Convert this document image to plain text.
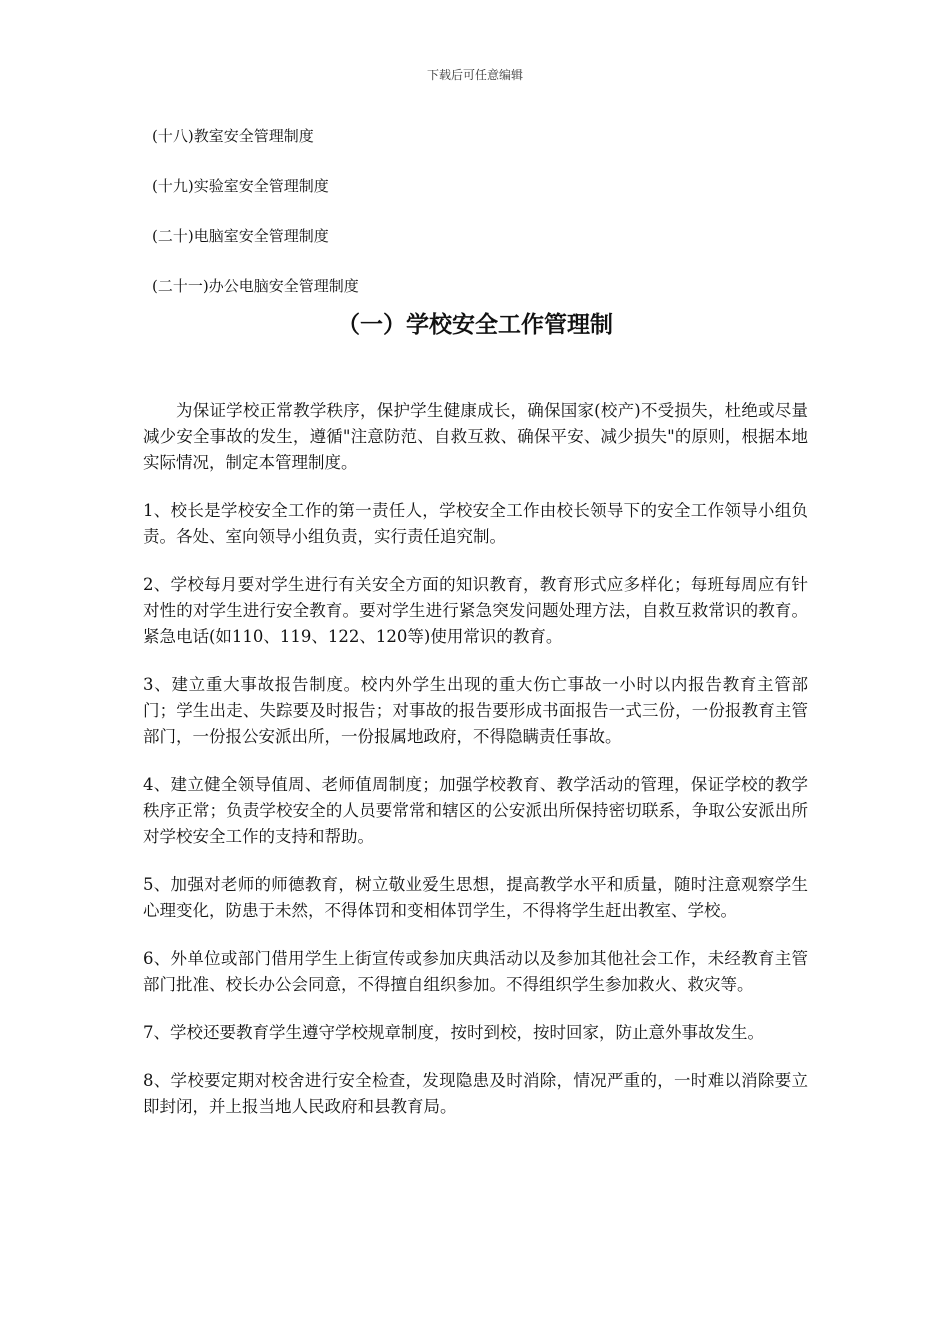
下载后可任意编辑
(十八)教室安全管理制度
(十九)实验室安全管理制度
(二十)电脑室安全管理制度
(二十一)办公电脑安全管理制度
（一）学校安全工作管理制

为保证学校正常教学秩序，保护学生健康成长，确保国家(校产)不受损失，杜绝或尽量减少安全事故的发生，遵循"注意防范、自救互救、确保平安、减少损失"的原则，根据本地实际情况，制定本管理制度。

1、校长是学校安全工作的第一责任人，学校安全工作由校长领导下的安全工作领导小组负责。各处、室向领导小组负责，实行责任追究制。

2、学校每月要对学生进行有关安全方面的知识教育，教育形式应多样化；每班每周应有针对性的对学生进行安全教育。要对学生进行紧急突发问题处理方法，自救互救常识的教育。紧急电话(如110、119、122、120等)使用常识的教育。

3、建立重大事故报告制度。校内外学生出现的重大伤亡事故一小时以内报告教育主管部门；学生出走、失踪要及时报告；对事故的报告要形成书面报告一式三份，一份报教育主管部门，一份报公安派出所，一份报属地政府，不得隐瞒责任事故。

4、建立健全领导值周、老师值周制度；加强学校教育、教学活动的管理，保证学校的教学秩序正常；负责学校安全的人员要常常和辖区的公安派出所保持密切联系，争取公安派出所对学校安全工作的支持和帮助。

5、加强对老师的师德教育，树立敬业爱生思想，提高教学水平和质量，随时注意观察学生心理变化，防患于未然，不得体罚和变相体罚学生，不得将学生赶出教室、学校。

6、外单位或部门借用学生上街宣传或参加庆典活动以及参加其他社会工作，未经教育主管部门批准、校长办公会同意，不得擅自组织参加。不得组织学生参加救火、救灾等。

7、学校还要教育学生遵守学校规章制度，按时到校，按时回家，防止意外事故发生。

8、学校要定期对校舍进行安全检查，发现隐患及时消除，情况严重的，一时难以消除要立即封闭，并上报当地人民政府和县教育局。
